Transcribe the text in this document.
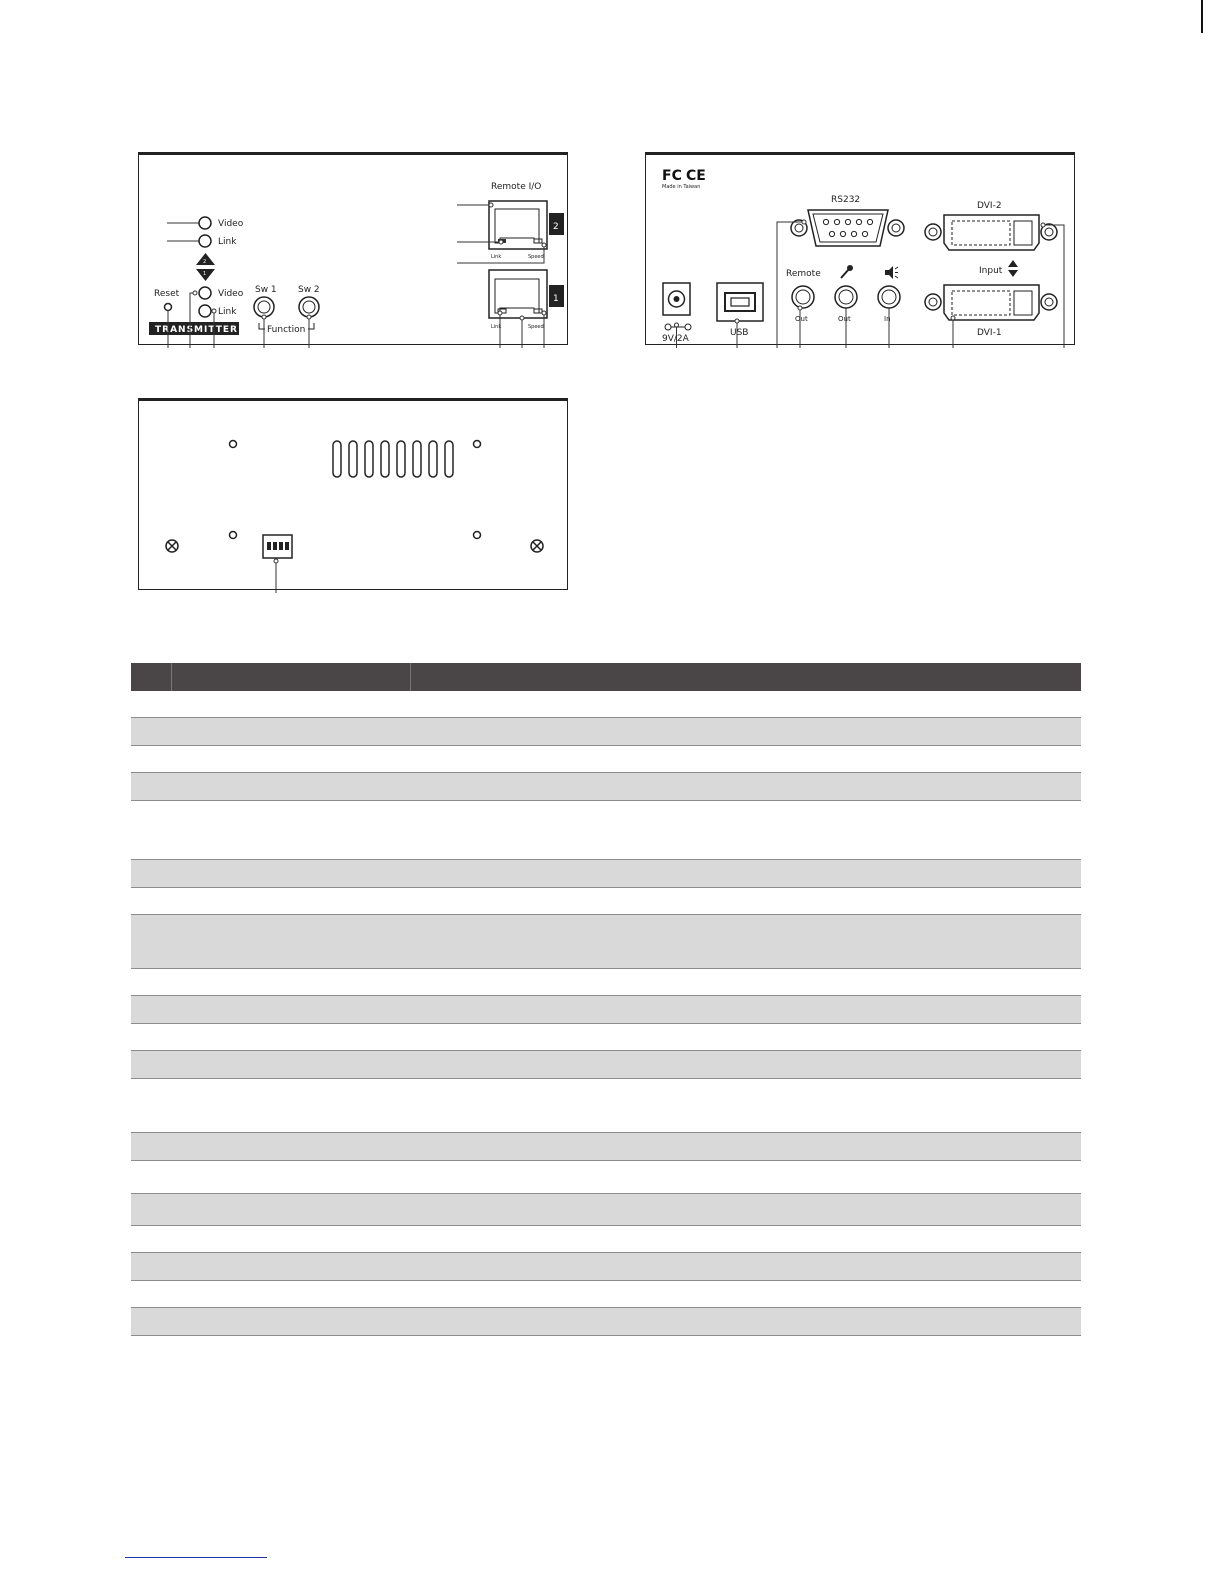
Remote I/O
2
Link	Speed
1
Link	Speed
Video
Link
2
1
Video
Link
Reset	Sw 1 Sw 2
Function
TRANSMITTER
FC CE
Made in Taiwan
RS232
DVI-2
Input
DVI-1
9V/2A
USB
Remote
Out	Out	In
